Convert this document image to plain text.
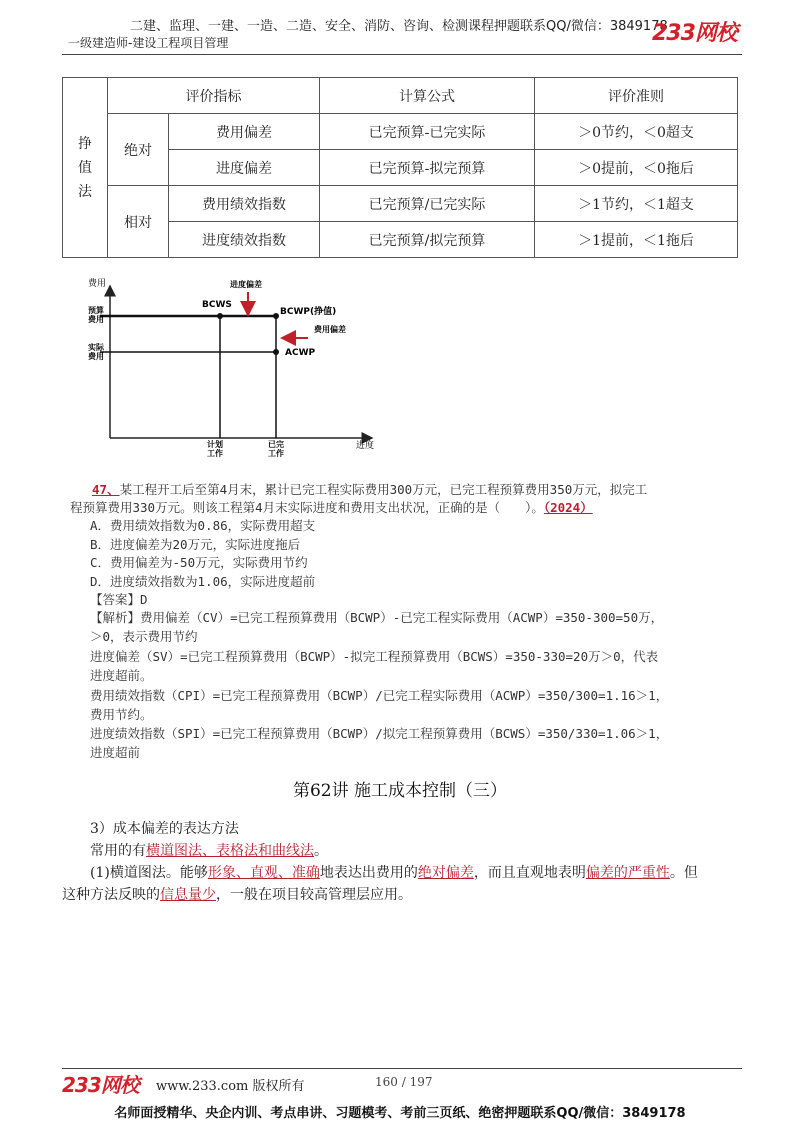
二建、监理、一建、一造、二造、安全、消防、咨询、检测课程押题联系QQ/微信：3849178
一级建造师-建设工程项目管理	233网校
挣值法	评价指标		计算公式	评价准则
	绝对	费用偏差	已完预算-已完实际	＞0节约，＜0超支
		进度偏差	已完预算-拟完预算	＞0提前，＜0拖后
	相对	费用绩效指数	已完预算/已完实际	＞1节约，＜1超支
		进度绩效指数	已完预算/拟完预算	＞1提前，＜1拖后
费用
进度
预算
费用
实际
费用
计划
工作
已完
工作
BCWS
BCWP(挣值)
ACWP
进度偏差
费用偏差
47、某工程开工后至第4月末，累计已完工程实际费用300万元，已完工程预算费用350万元，拟完工
程预算费用330万元。则该工程第4月末实际进度和费用支出状况，正确的是（　　）。（2024）
A．费用绩效指数为0.86，实际费用超支
B．进度偏差为20万元，实际进度拖后
C．费用偏差为-50万元，实际费用节约
D．进度绩效指数为1.06，实际进度超前
【答案】D
【解析】费用偏差（CV）=已完工程预算费用（BCWP）-已完工程实际费用（ACWP）=350-300=50万，
＞0，表示费用节约
进度偏差（SV）=已完工程预算费用（BCWP）-拟完工程预算费用（BCWS）=350-330=20万＞0，代表
进度超前。
费用绩效指数（CPI）=已完工程预算费用（BCWP）/已完工程实际费用（ACWP）=350/300=1.16＞1，
费用节约。
进度绩效指数（SPI）=已完工程预算费用（BCWP）/拟完工程预算费用（BCWS）=350/330=1.06＞1，
进度超前
第62讲 施工成本控制（三）
3）成本偏差的表达方法
常用的有横道图法、表格法和曲线法。
(1)横道图法。能够形象、直观、准确地表达出费用的绝对偏差，而且直观地表明偏差的严重性。但
这种方法反映的信息量少，一般在项目较高管理层应用。
233网校 www.233.com 版权所有	160 / 197
名师面授精华、央企内训、考点串讲、习题模考、考前三页纸、绝密押题联系QQ/微信：3849178
